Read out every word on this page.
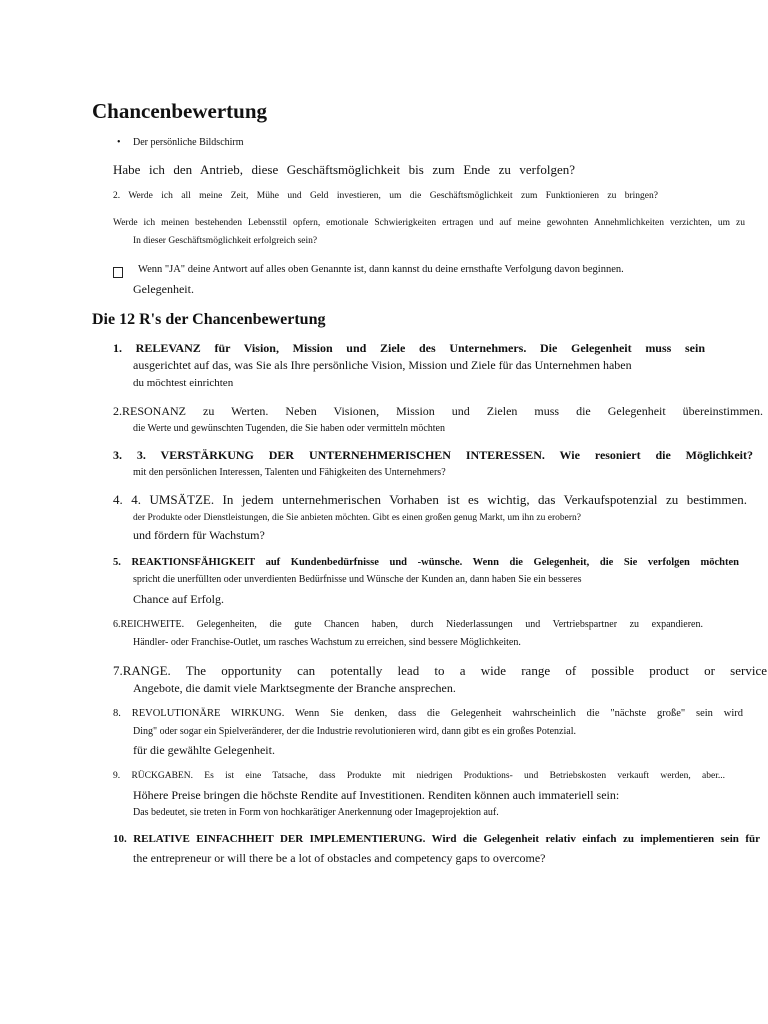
Chancenbewertung
• Der persönliche Bildschirm
Habe ich den Antrieb, diese Geschäftsmöglichkeit bis zum Ende zu verfolgen?
2. Werde ich all meine Zeit, Mühe und Geld investieren, um die Geschäftsmöglichkeit zum Funktionieren zu bringen?
Werde ich meinen bestehenden Lebensstil opfern, emotionale Schwierigkeiten ertragen und auf meine gewohnten Annehmlichkeiten verzichten, um zu
In dieser Geschäftsmöglichkeit erfolgreich sein?
Wenn "JA" deine Antwort auf alles oben Genannte ist, dann kannst du deine ernsthafte Verfolgung davon beginnen.
Gelegenheit.
Die 12 R's der Chancenbewertung
1. RELEVANZ für Vision, Mission und Ziele des Unternehmers. Die Gelegenheit muss sein
ausgerichtet auf das, was Sie als Ihre persönliche Vision, Mission und Ziele für das Unternehmen haben
du möchtest einrichten
2.RESONANZ zu Werten. Neben Visionen, Mission und Zielen muss die Gelegenheit übereinstimmen.
die Werte und gewünschten Tugenden, die Sie haben oder vermitteln möchten
3. 3. VERSTÄRKUNG DER UNTERNEHMERISCHEN INTERESSEN. Wie resoniert die Möglichkeit?
mit den persönlichen Interessen, Talenten und Fähigkeiten des Unternehmers?
4. 4. UMSÄTZE. In jedem unternehmerischen Vorhaben ist es wichtig, das Verkaufspotenzial zu bestimmen.
der Produkte oder Dienstleistungen, die Sie anbieten möchten. Gibt es einen großen genug Markt, um ihn zu erobern?
und fördern für Wachstum?
5. REAKTIONSFÄHIGKEIT auf Kundenbedürfnisse und -wünsche. Wenn die Gelegenheit, die Sie verfolgen möchten
spricht die unerfüllten oder unverdienten Bedürfnisse und Wünsche der Kunden an, dann haben Sie ein besseres
Chance auf Erfolg.
6.REICHWEITE. Gelegenheiten, die gute Chancen haben, durch Niederlassungen und Vertriebspartner zu expandieren.
Händler- oder Franchise-Outlet, um rasches Wachstum zu erreichen, sind bessere Möglichkeiten.
7.RANGE. The opportunity can potentally lead to a wide range of possible product or service
Angebote, die damit viele Marktsegmente der Branche ansprechen.
8. REVOLUTIONÄRE WIRKUNG. Wenn Sie denken, dass die Gelegenheit wahrscheinlich die "nächste große" sein wird
Ding" oder sogar ein Spielveränderer, der die Industrie revolutionieren wird, dann gibt es ein großes Potenzial.
für die gewählte Gelegenheit.
9. RÜCKGABEN. Es ist eine Tatsache, dass Produkte mit niedrigen Produktions- und Betriebskosten verkauft werden, aber...
Höhere Preise bringen die höchste Rendite auf Investitionen. Renditen können auch immateriell sein:
Das bedeutet, sie treten in Form von hochkarätiger Anerkennung oder Imageprojektion auf.
10. RELATIVE EINFACHHEIT DER IMPLEMENTIERUNG. Wird die Gelegenheit relativ einfach zu implementieren sein für
the entrepreneur or will there be a lot of obstacles and competency gaps to overcome?
